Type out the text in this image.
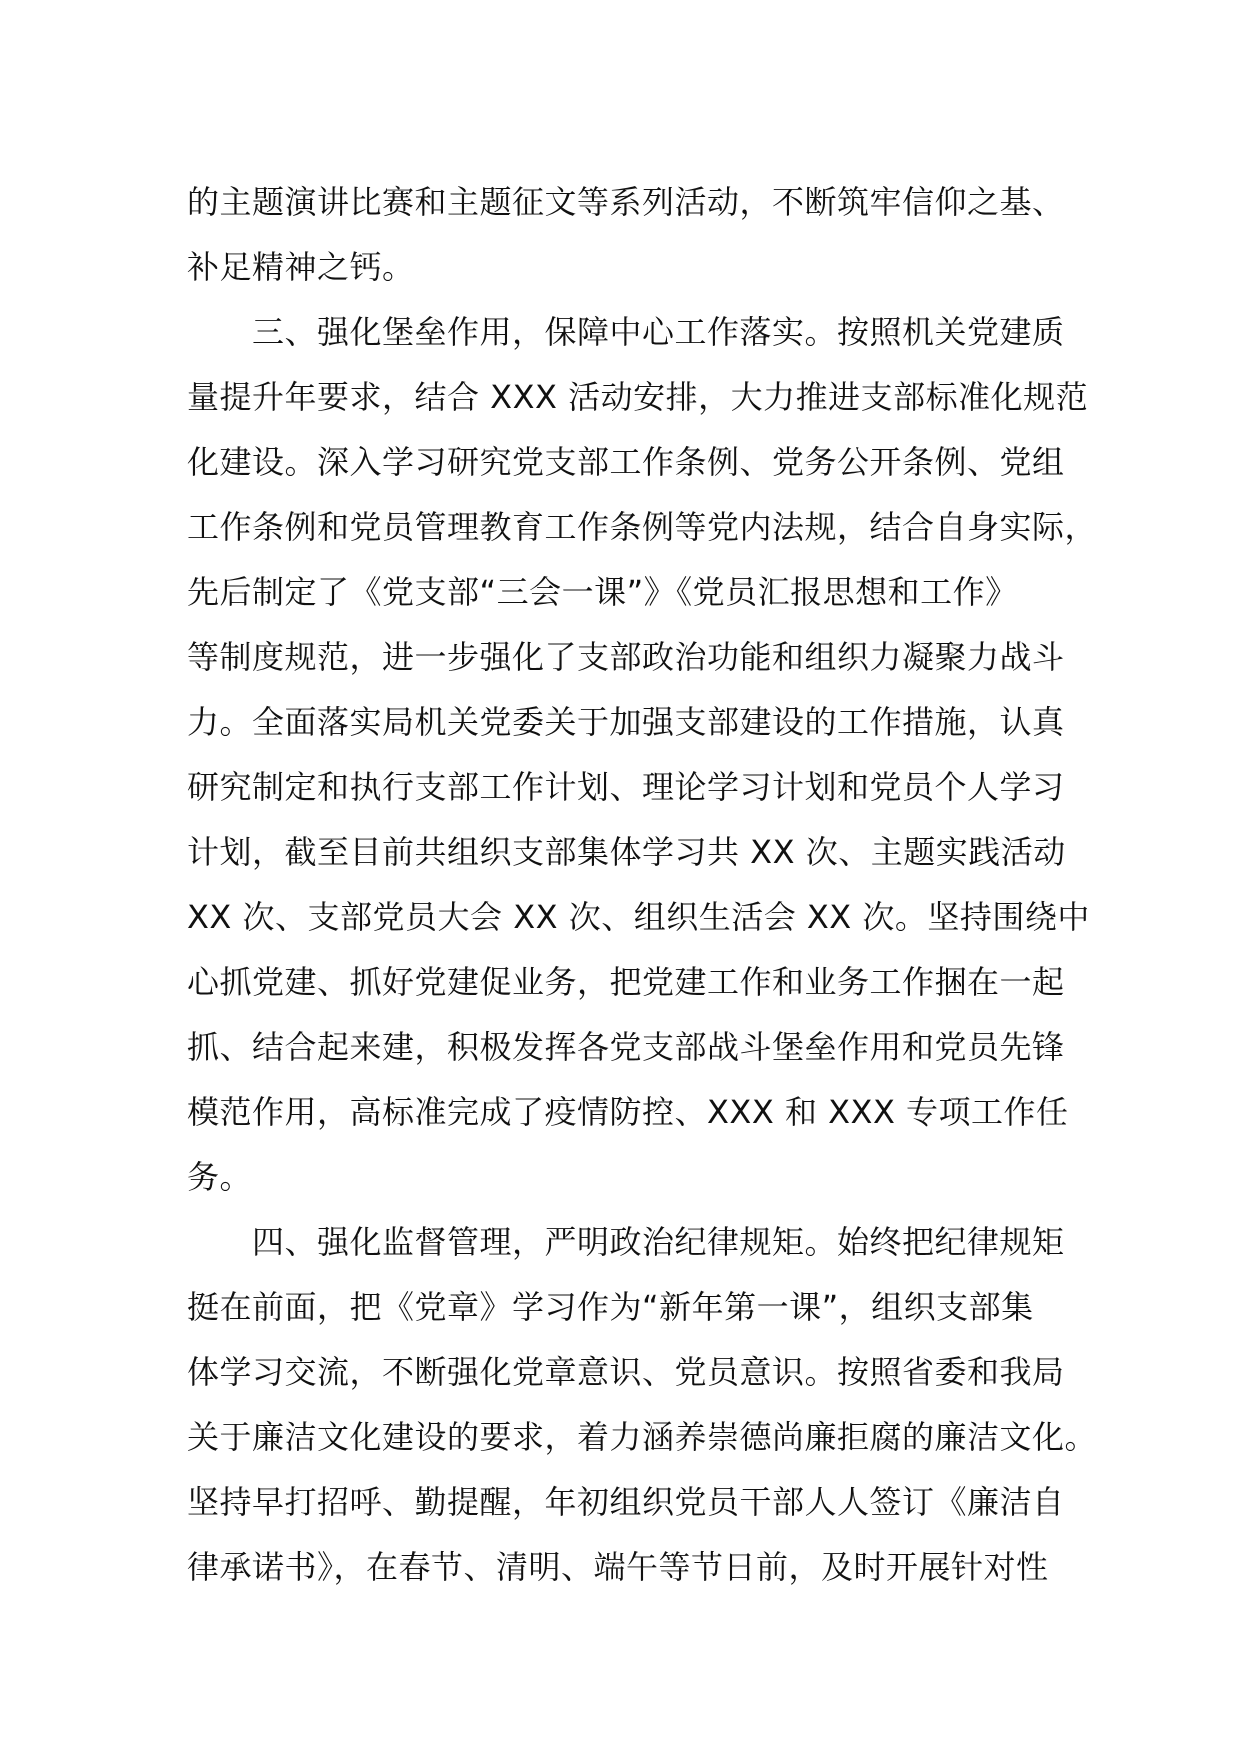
的主题演讲比赛和主题征文等系列活动，不断筑牢信仰之基、
补足精神之钙。
　　三、强化堡垒作用，保障中心工作落实。按照机关党建质
量提升年要求，结合 XXX 活动安排，大力推进支部标准化规范
化建设。深入学习研究党支部工作条例、党务公开条例、党组
工作条例和党员管理教育工作条例等党内法规，结合自身实际，
先后制定了《党支部“三会一课”》《党员汇报思想和工作》
等制度规范，进一步强化了支部政治功能和组织力凝聚力战斗
力。全面落实局机关党委关于加强支部建设的工作措施，认真
研究制定和执行支部工作计划、理论学习计划和党员个人学习
计划，截至目前共组织支部集体学习共 XX 次、主题实践活动
XX 次、支部党员大会 XX 次、组织生活会 XX 次。坚持围绕中
心抓党建、抓好党建促业务，把党建工作和业务工作捆在一起
抓、结合起来建，积极发挥各党支部战斗堡垒作用和党员先锋
模范作用，高标准完成了疫情防控、XXX 和 XXX 专项工作任
务。
　　四、强化监督管理，严明政治纪律规矩。始终把纪律规矩
挺在前面，把《党章》学习作为“新年第一课”，组织支部集
体学习交流，不断强化党章意识、党员意识。按照省委和我局
关于廉洁文化建设的要求，着力涵养崇德尚廉拒腐的廉洁文化。
坚持早打招呼、勤提醒，年初组织党员干部人人签订《廉洁自
律承诺书》，在春节、清明、端午等节日前，及时开展针对性
